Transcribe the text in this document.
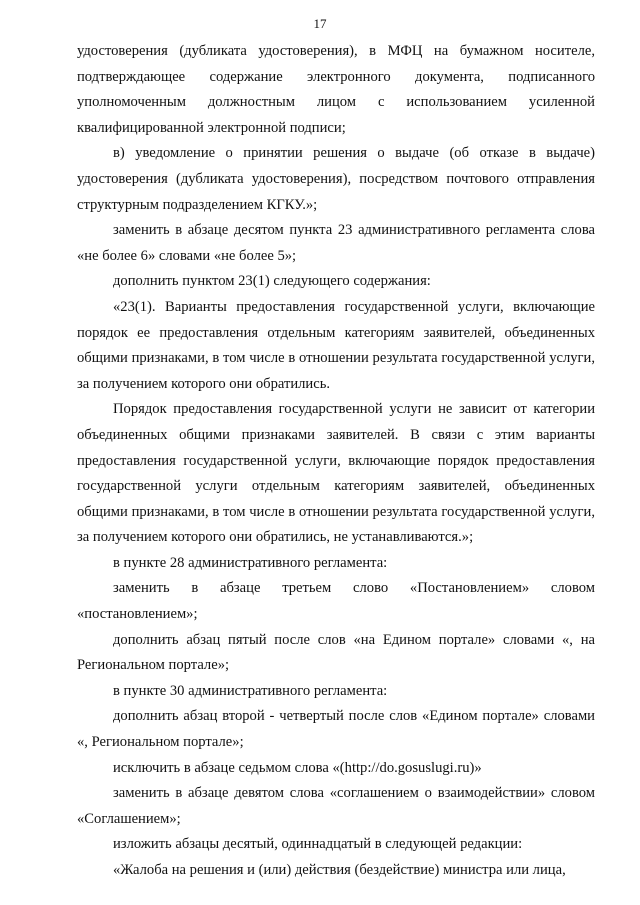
17

удостоверения (дубликата удостоверения), в МФЦ на бумажном носителе, подтверждающее содержание электронного документа, подписанного уполномоченным должностным лицом с использованием усиленной квалифицированной электронной подписи;

в) уведомление о принятии решения о выдаче (об отказе в выдаче) удостоверения (дубликата удостоверения), посредством почтового отправления структурным подразделением КГКУ.»;

заменить в абзаце десятом пункта 23 административного регламента слова «не более 6» словами «не более 5»;

дополнить пунктом 23(1) следующего содержания:

«23(1). Варианты предоставления государственной услуги, включающие порядок ее предоставления отдельным категориям заявителей, объединенных общими признаками, в том числе в отношении результата государственной услуги, за получением которого они обратились.

Порядок предоставления государственной услуги не зависит от категории объединенных общими признаками заявителей. В связи с этим варианты предоставления государственной услуги, включающие порядок предоставления государственной услуги отдельным категориям заявителей, объединенных общими признаками, в том числе в отношении результата государственной услуги, за получением которого они обратились, не устанавливаются.»;

в пункте 28 административного регламента:

заменить в абзаце третьем слово «Постановлением» словом «постановлением»;

дополнить абзац пятый после слов «на Едином портале» словами «, на Региональном портале»;

в пункте 30 административного регламента:

дополнить абзац второй - четвертый после слов «Едином портале» словами «, Региональном портале»;

исключить в абзаце седьмом слова «(http://do.gosuslugi.ru)»

заменить в абзаце девятом слова «соглашением о взаимодействии» словом «Соглашением»;

изложить абзацы десятый, одиннадцатый в следующей редакции:

«Жалоба на решения и (или) действия (бездействие) министра или лица,
